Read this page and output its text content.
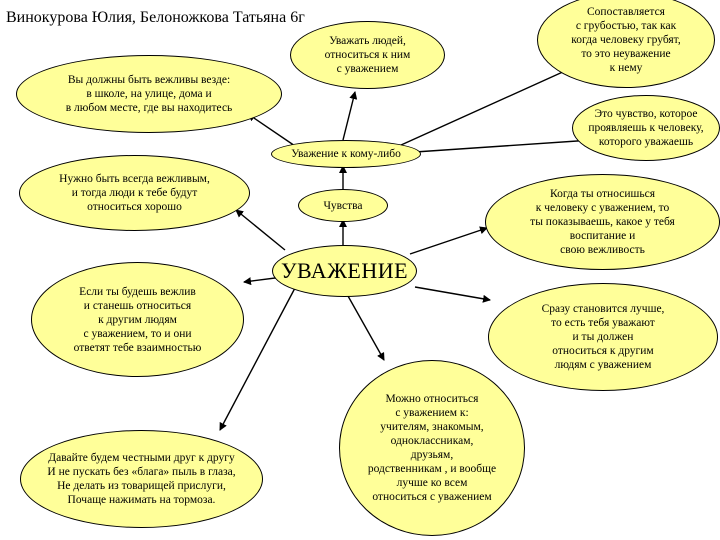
Винокурова Юлия, Белоножкова Татьяна 6г
Уважать людей,
относиться к ним
с уважением
Вы должны быть вежливы везде:
в школе, на улице, дома и
в любом месте, где вы находитесь
Уважение к кому-либо
Чувства
Нужно быть всегда вежливым,
и тогда люди к тебе будут
относиться хорошо
УВАЖЕНИЕ
Если ты будешь вежлив
и станешь относиться
к другим людям
с уважением, то и они
ответят тебе взаимностью
Давайте будем честными друг к другу
И не пускать без «блага» пыль в глаза,
Не делать из товарищей прислуги,
Почаще нажимать на тормоза.
Можно относиться
с уважением к:
учителям, знакомым,
одноклассникам,
друзьям,
родственникам , и вообще
лучше ко всем
относиться с уважением
Сразу становится лучше,
то есть тебя уважают
и ты должен
относиться к другим
людям с уважением
Когда ты относишься
к человеку с уважением, то
ты показываешь, какое у тебя
воспитание и
свою вежливость
Это чувство, которое
проявляешь к человеку,
которого уважаешь
Сопоставляется
с грубостью, так как
когда человеку грубят,
то это неуважение
к нему
